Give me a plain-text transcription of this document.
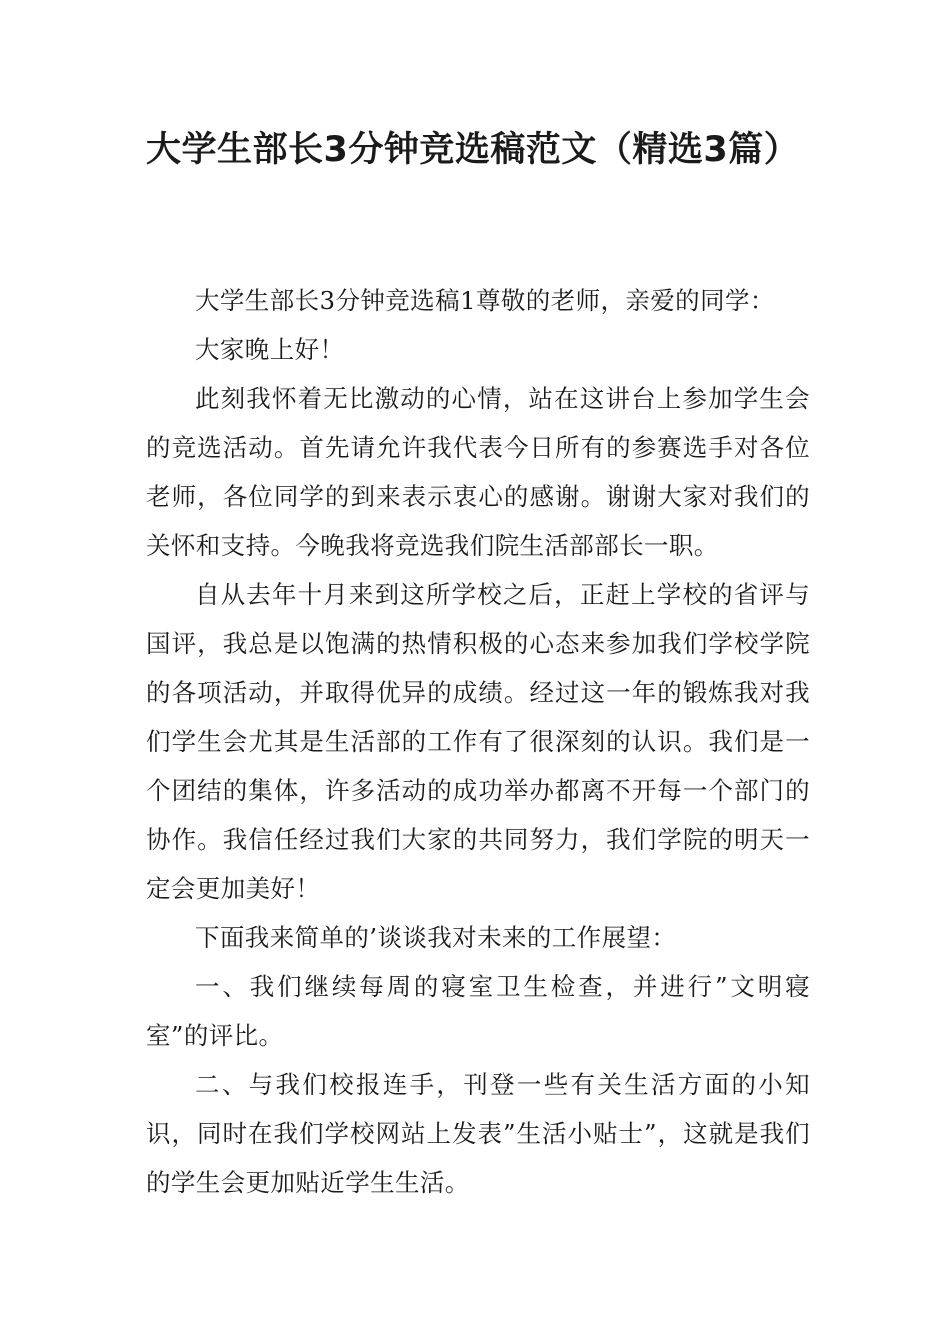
大学生部长3分钟竞选稿范文（精选3篇）

大学生部长3分钟竞选稿1尊敬的老师，亲爱的同学：

大家晚上好！

此刻我怀着无比激动的心情，站在这讲台上参加学生会的竞选活动。首先请允许我代表今日所有的参赛选手对各位老师，各位同学的到来表示衷心的感谢。谢谢大家对我们的关怀和支持。今晚我将竞选我们院生活部部长一职。

自从去年十月来到这所学校之后，正赶上学校的省评与国评，我总是以饱满的热情积极的心态来参加我们学校学院的各项活动，并取得优异的成绩。经过这一年的锻炼我对我们学生会尤其是生活部的工作有了很深刻的认识。我们是一个团结的集体，许多活动的成功举办都离不开每一个部门的协作。我信任经过我们大家的共同努力，我们学院的明天一定会更加美好！

下面我来简单的’谈谈我对未来的工作展望：

一、我们继续每周的寝室卫生检查，并进行”文明寝室”的评比。

二、与我们校报连手，刊登一些有关生活方面的小知识，同时在我们学校网站上发表”生活小贴士”，这就是我们的学生会更加贴近学生生活。
